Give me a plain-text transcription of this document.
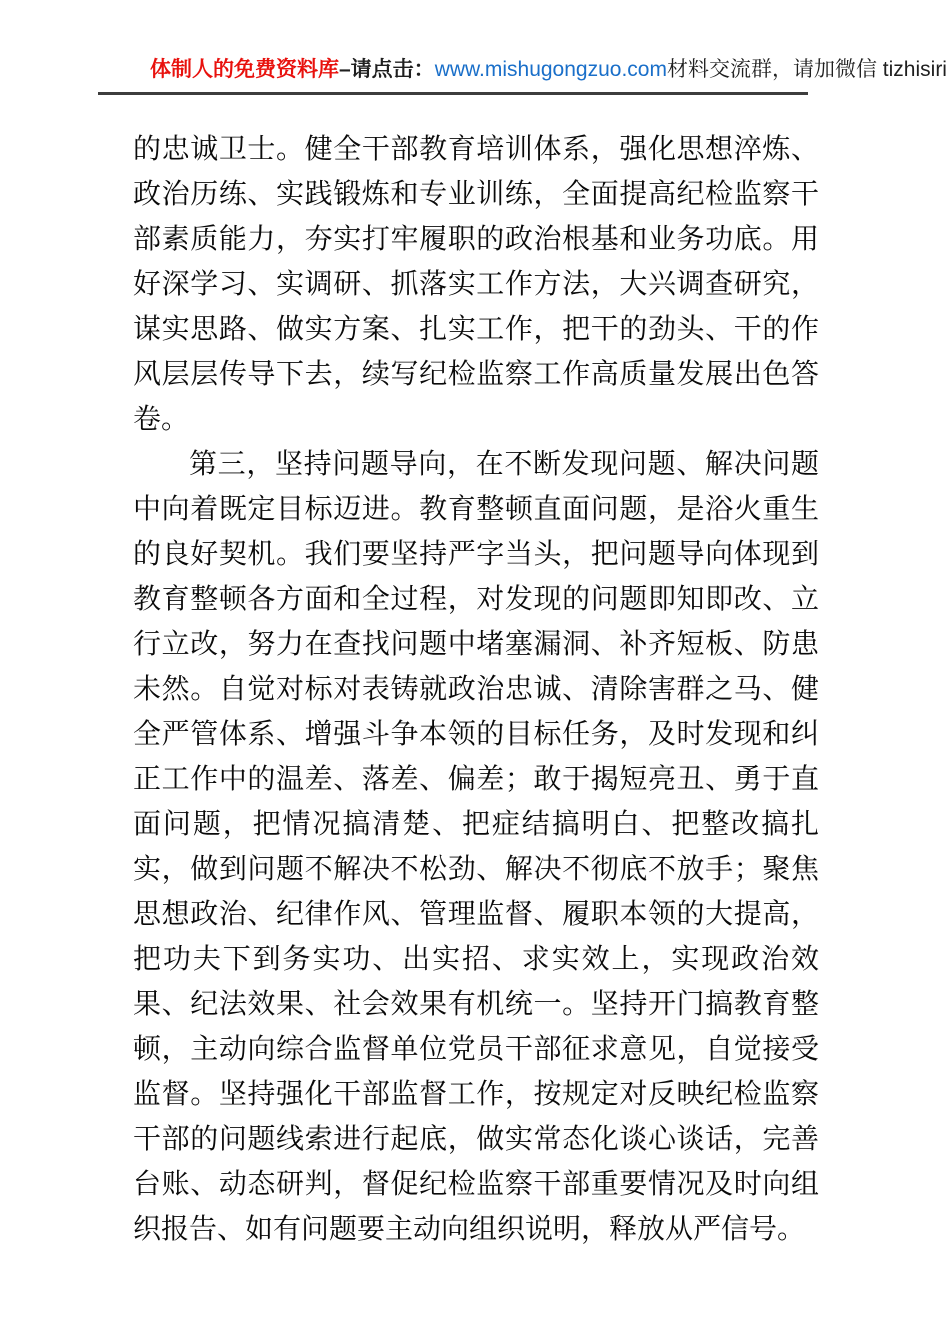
体制人的免费资料库–请点击：www.mishugongzuo.com材料交流群，请加微信 tizhisiri

的忠诚卫士。健全干部教育培训体系，强化思想淬炼、政治历练、实践锻炼和专业训练，全面提高纪检监察干部素质能力，夯实打牢履职的政治根基和业务功底。用好深学习、实调研、抓落实工作方法，大兴调查研究，谋实思路、做实方案、扎实工作，把干的劲头、干的作风层层传导下去，续写纪检监察工作高质量发展出色答卷。

第三，坚持问题导向，在不断发现问题、解决问题中向着既定目标迈进。教育整顿直面问题，是浴火重生的良好契机。我们要坚持严字当头，把问题导向体现到教育整顿各方面和全过程，对发现的问题即知即改、立行立改，努力在查找问题中堵塞漏洞、补齐短板、防患未然。自觉对标对表铸就政治忠诚、清除害群之马、健全严管体系、增强斗争本领的目标任务，及时发现和纠正工作中的温差、落差、偏差；敢于揭短亮丑、勇于直面问题，把情况搞清楚、把症结搞明白、把整改搞扎实，做到问题不解决不松劲、解决不彻底不放手；聚焦思想政治、纪律作风、管理监督、履职本领的大提高，把功夫下到务实功、出实招、求实效上，实现政治效果、纪法效果、社会效果有机统一。坚持开门搞教育整顿，主动向综合监督单位党员干部征求意见，自觉接受监督。坚持强化干部监督工作，按规定对反映纪检监察干部的问题线索进行起底，做实常态化谈心谈话，完善台账、动态研判，督促纪检监察干部重要情况及时向组织报告、如有问题要主动向组织说明，释放从严信号。
